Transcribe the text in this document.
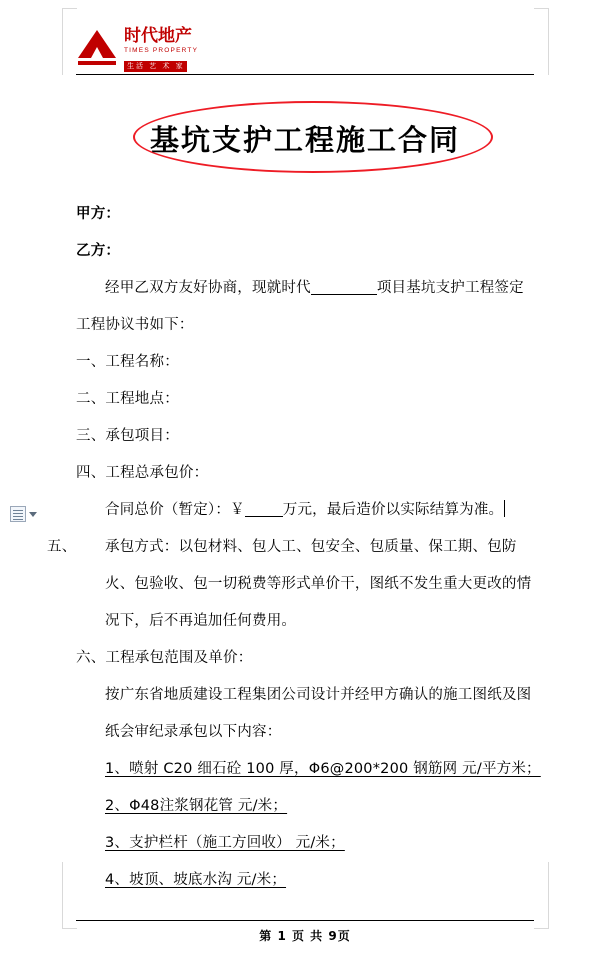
时代地产
TIMES PROPERTY
生活 艺 术 家
基坑支护工程施工合同
甲方：
乙方：
经甲乙双方友好协商，现就时代	项目基坑支护工程签定
工程协议书如下：
一、工程名称：
二、工程地点：
三、承包项目：
四、工程总承包价：
合同总价（暂定）：￥	万元，最后造价以实际结算为准。
五、 承包方式：以包材料、包人工、包安全、包质量、保工期、包防火、包验收、包一切税费等形式单价干，图纸不发生重大更改的情况下，后不再追加任何费用。
六、工程承包范围及单价：
按广东省地质建设工程集团公司设计并经甲方确认的施工图纸及图纸会审纪录承包以下内容：
1、喷射 C20 细石砼 100 厚，Φ6@200*200 钢筋网 元/平方米；
2、Φ48注浆钢花管 元/米；
3、支护栏杆（施工方回收） 元/米；
4、坡顶、坡底水沟 元/米；
第 1 页 共 9页
